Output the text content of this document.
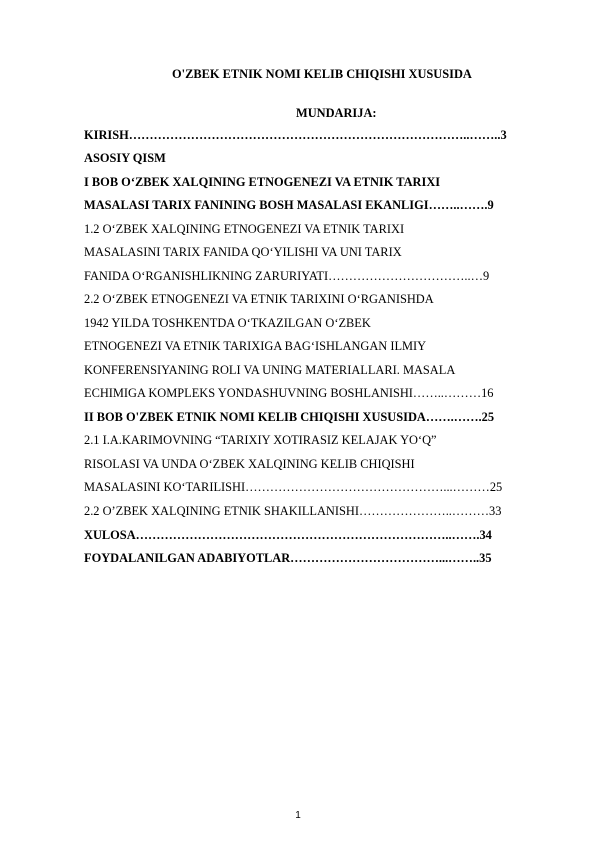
O'ZBEK ETNIK NOMI KELIB CHIQISHI XUSUSIDA
MUNDARIJA:
KIRISH………………………………………………………………………..……..3
ASOSIY QISM
I BOB O‘ZBEK XALQINING ETNOGENEZI VA ETNIK TARIXI
MASALASI TARIX FANINING BOSH MASALASI EKANLIGI……..…….9
1.2 O‘ZBEK XALQINING ETNOGENEZI VA ETNIK TARIXI
MASALASINI TARIX FANIDA QO‘YILISHI VA UNI TARIX
FANIDA O‘RGANISHLIKNING ZARURIYATI……………………………..…9
2.2 O‘ZBEK ETNOGENEZI VA ETNIK TARIXINI O‘RGANISHDA
1942 YILDA TOSHKENTDA O‘TKAZILGAN O‘ZBEK
ETNOGENEZI VA ETNIK TARIXIGA BAG‘ISHLANGAN ILMIY
KONFERENSIYANING ROLI VA UNING MATERIALLARI. MASALA
ECHIMIGA KOMPLEKS YONDASHUVNING BOSHLANISHI……..………16
II BOB O'ZBEK ETNIK NOMI KELIB CHIQISHI XUSUSIDA…….…….25
2.1 I.A.KARIMOVNING “TARIXIY XOTIRASIZ KELAJAK YO‘Q”
RISOLASI VA UNDA O‘ZBEK XALQINING KELIB CHIQISHI
MASALASINI KO‘TARILISHI…………………………………………...………25
2.2 O’ZBEK XALQINING ETNIK SHAKILLANISHI…………………..………33
XULOSA…………………………………………………………………..…….34
FOYDALANILGAN ADABIYOTLAR………………………………...……..35
1
